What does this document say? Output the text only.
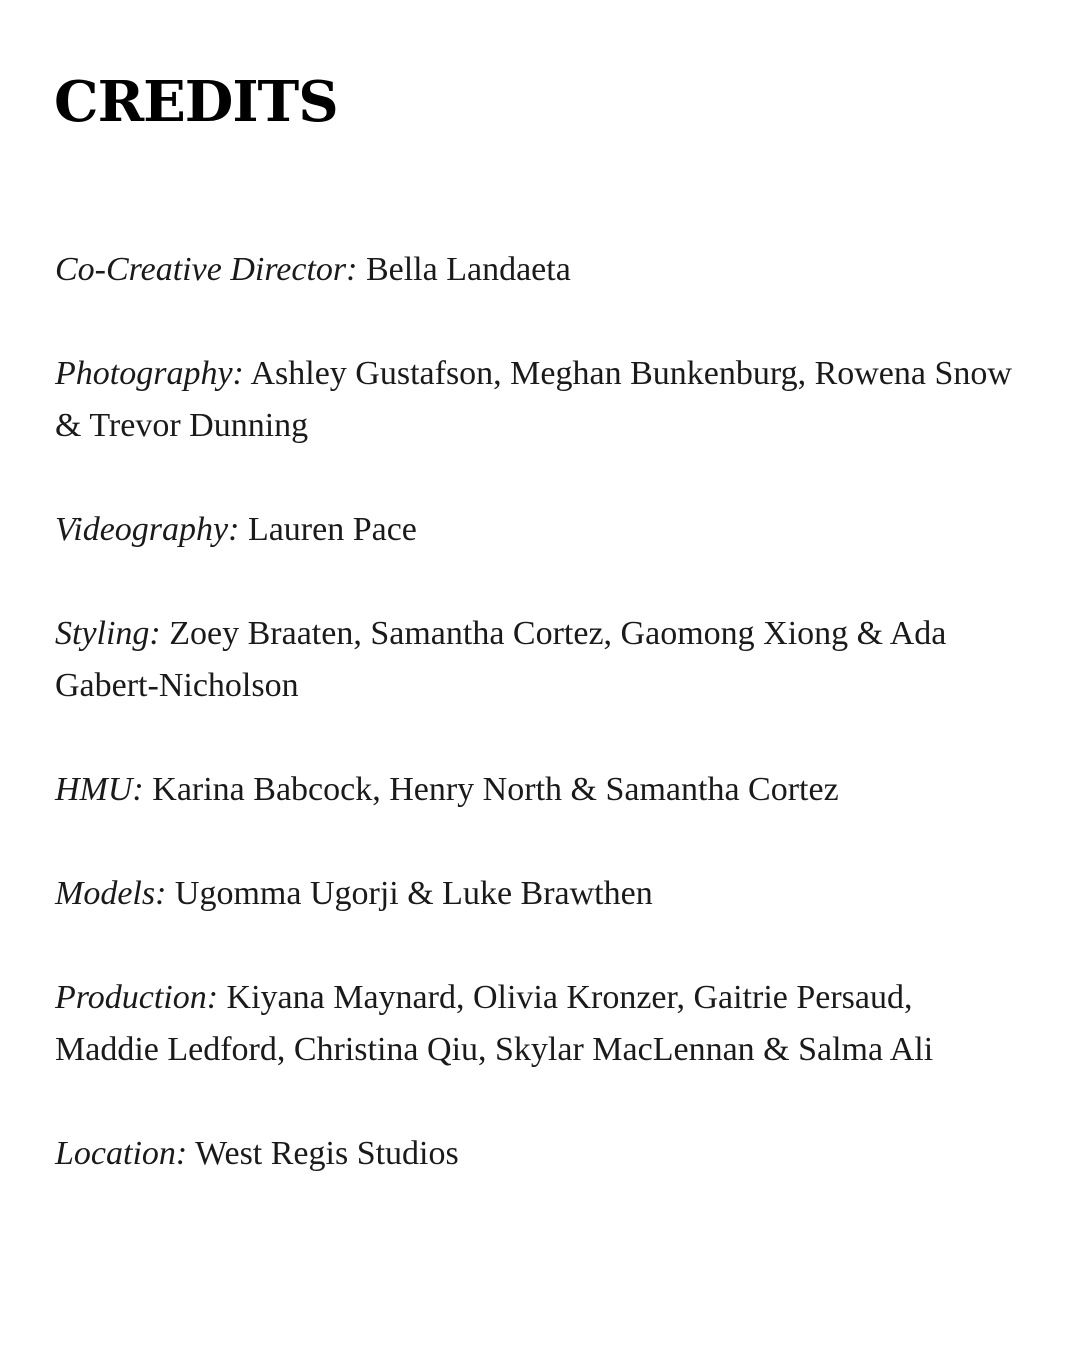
CREDITS
Co-Creative Director: Bella Landaeta
Photography: Ashley Gustafson, Meghan Bunkenburg, Rowena Snow & Trevor Dunning
Videography: Lauren Pace
Styling: Zoey Braaten, Samantha Cortez, Gaomong Xiong & Ada Gabert-Nicholson
HMU: Karina Babcock, Henry North & Samantha Cortez
Models: Ugomma Ugorji & Luke Brawthen
Production: Kiyana Maynard, Olivia Kronzer, Gaitrie Persaud, Maddie Ledford, Christina Qiu, Skylar MacLennan & Salma Ali
Location: West Regis Studios
